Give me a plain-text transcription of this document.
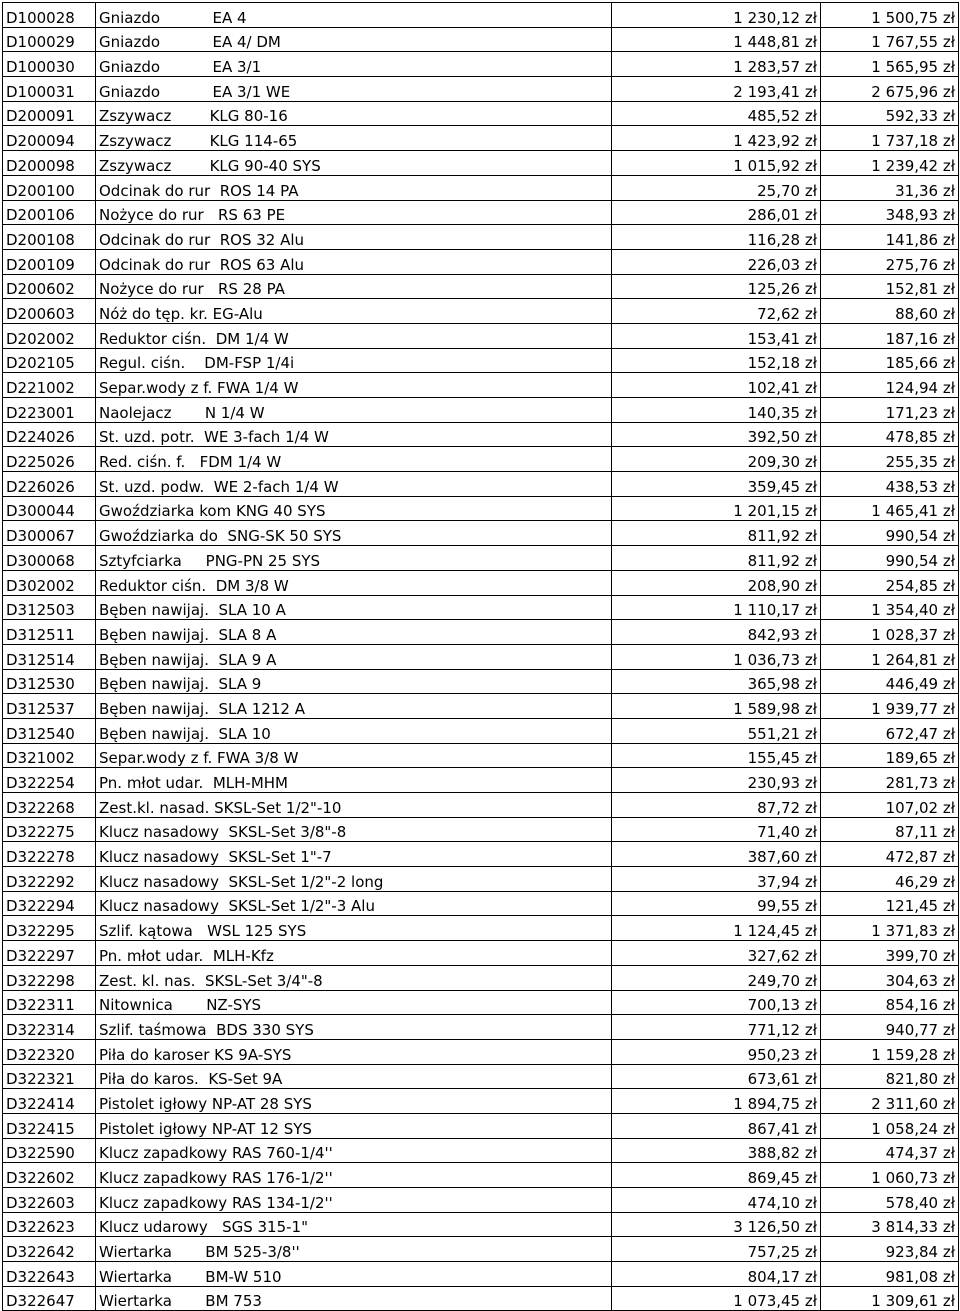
D100028	Gniazdo           EA 4	1 230,12 zł	1 500,75 zł
D100029	Gniazdo           EA 4/ DM	1 448,81 zł	1 767,55 zł
D100030	Gniazdo           EA 3/1	1 283,57 zł	1 565,95 zł
D100031	Gniazdo           EA 3/1 WE	2 193,41 zł	2 675,96 zł
D200091	Zszywacz        KLG 80-16	485,52 zł	592,33 zł
D200094	Zszywacz        KLG 114-65	1 423,92 zł	1 737,18 zł
D200098	Zszywacz        KLG 90-40 SYS	1 015,92 zł	1 239,42 zł
D200100	Odcinak do rur  ROS 14 PA	25,70 zł	31,36 zł
D200106	Nożyce do rur   RS 63 PE	286,01 zł	348,93 zł
D200108	Odcinak do rur  ROS 32 Alu	116,28 zł	141,86 zł
D200109	Odcinak do rur  ROS 63 Alu	226,03 zł	275,76 zł
D200602	Nożyce do rur   RS 28 PA	125,26 zł	152,81 zł
D200603	Nóż do tęp. kr. EG-Alu	72,62 zł	88,60 zł
D202002	Reduktor ciśn.  DM 1/4 W	153,41 zł	187,16 zł
D202105	Regul. ciśn.    DM-FSP 1/4i	152,18 zł	185,66 zł
D221002	Separ.wody z f. FWA 1/4 W	102,41 zł	124,94 zł
D223001	Naolejacz       N 1/4 W	140,35 zł	171,23 zł
D224026	St. uzd. potr.  WE 3-fach 1/4 W	392,50 zł	478,85 zł
D225026	Red. ciśn. f.   FDM 1/4 W	209,30 zł	255,35 zł
D226026	St. uzd. podw.  WE 2-fach 1/4 W	359,45 zł	438,53 zł
D300044	Gwoździarka kom KNG 40 SYS	1 201,15 zł	1 465,41 zł
D300067	Gwoździarka do  SNG-SK 50 SYS	811,92 zł	990,54 zł
D300068	Sztyfciarka     PNG-PN 25 SYS	811,92 zł	990,54 zł
D302002	Reduktor ciśn.  DM 3/8 W	208,90 zł	254,85 zł
D312503	Bęben nawijaj.  SLA 10 A	1 110,17 zł	1 354,40 zł
D312511	Bęben nawijaj.  SLA 8 A	842,93 zł	1 028,37 zł
D312514	Bęben nawijaj.  SLA 9 A	1 036,73 zł	1 264,81 zł
D312530	Bęben nawijaj.  SLA 9	365,98 zł	446,49 zł
D312537	Bęben nawijaj.  SLA 1212 A	1 589,98 zł	1 939,77 zł
D312540	Bęben nawijaj.  SLA 10	551,21 zł	672,47 zł
D321002	Separ.wody z f. FWA 3/8 W	155,45 zł	189,65 zł
D322254	Pn. młot udar.  MLH-MHM	230,93 zł	281,73 zł
D322268	Zest.kl. nasad. SKSL-Set 1/2"-10	87,72 zł	107,02 zł
D322275	Klucz nasadowy  SKSL-Set 3/8"-8	71,40 zł	87,11 zł
D322278	Klucz nasadowy  SKSL-Set 1"-7	387,60 zł	472,87 zł
D322292	Klucz nasadowy  SKSL-Set 1/2"-2 long	37,94 zł	46,29 zł
D322294	Klucz nasadowy  SKSL-Set 1/2"-3 Alu	99,55 zł	121,45 zł
D322295	Szlif. kątowa   WSL 125 SYS	1 124,45 zł	1 371,83 zł
D322297	Pn. młot udar.  MLH-Kfz	327,62 zł	399,70 zł
D322298	Zest. kl. nas.  SKSL-Set 3/4"-8	249,70 zł	304,63 zł
D322311	Nitownica       NZ-SYS	700,13 zł	854,16 zł
D322314	Szlif. taśmowa  BDS 330 SYS	771,12 zł	940,77 zł
D322320	Piła do karoser KS 9A-SYS	950,23 zł	1 159,28 zł
D322321	Piła do karos.  KS-Set 9A	673,61 zł	821,80 zł
D322414	Pistolet igłowy NP-AT 28 SYS	1 894,75 zł	2 311,60 zł
D322415	Pistolet igłowy NP-AT 12 SYS	867,41 zł	1 058,24 zł
D322590	Klucz zapadkowy RAS 760-1/4''	388,82 zł	474,37 zł
D322602	Klucz zapadkowy RAS 176-1/2''	869,45 zł	1 060,73 zł
D322603	Klucz zapadkowy RAS 134-1/2''	474,10 zł	578,40 zł
D322623	Klucz udarowy   SGS 315-1"	3 126,50 zł	3 814,33 zł
D322642	Wiertarka       BM 525-3/8''	757,25 zł	923,84 zł
D322643	Wiertarka       BM-W 510	804,17 zł	981,08 zł
D322647	Wiertarka       BM 753	1 073,45 zł	1 309,61 zł
